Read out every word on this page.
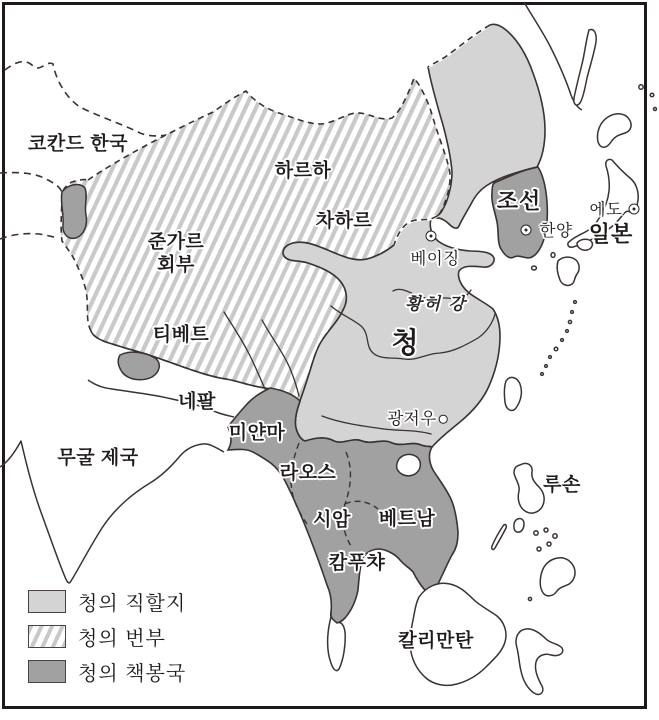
코칸드 한국
하르하
차하르
준가르
회부
티베트
네팔
무굴 제국
미얀마
라오스
시암 베트남
캄푸챠
루손
칼리만탄
조선
일본
청
베이징
한양
에도
광저우
황허 강
청의 직할지
청의 번부
청의 책봉국
